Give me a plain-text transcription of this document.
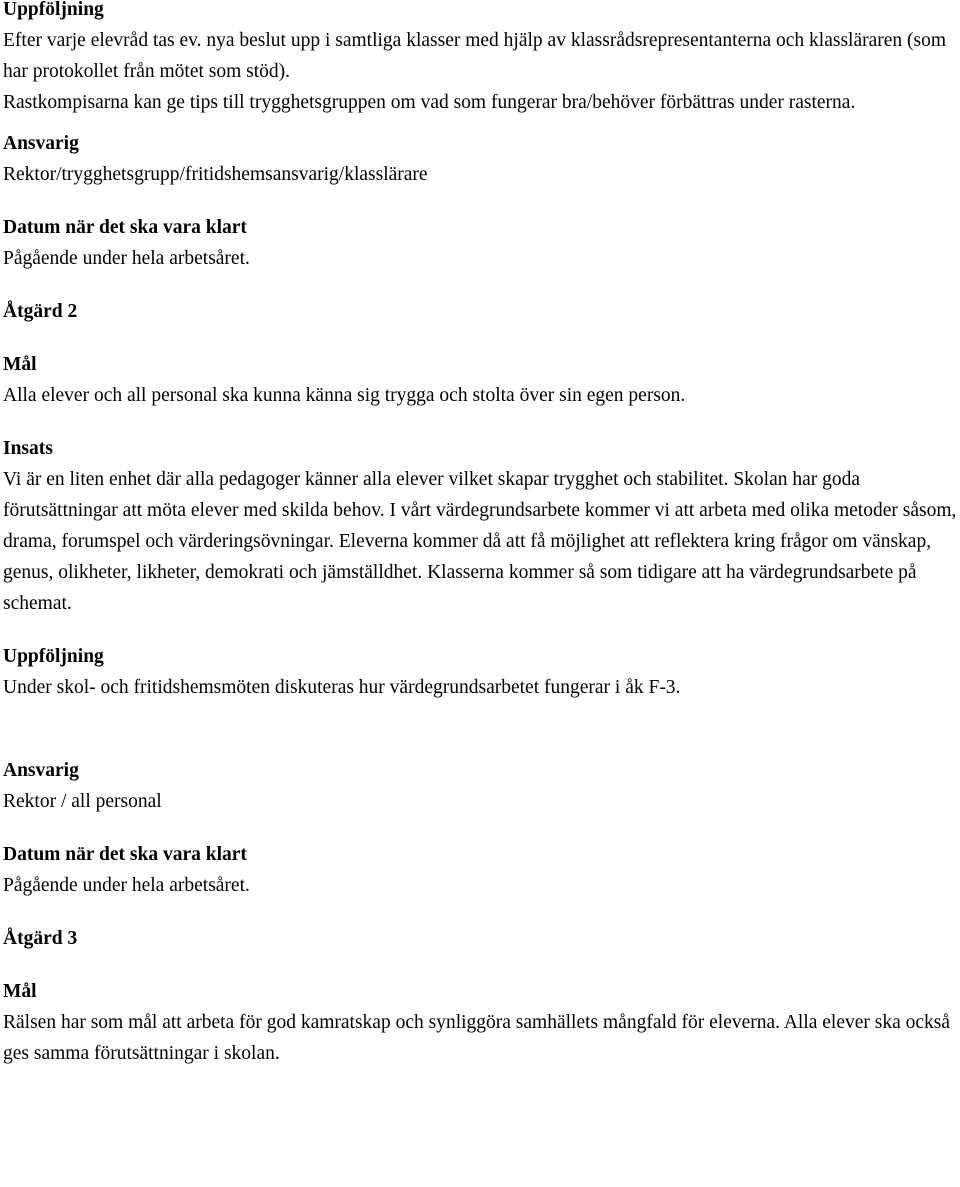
Uppföljning
Efter varje elevråd tas ev. nya beslut upp i samtliga klasser med hjälp av klassrådsrepresentanterna och klassläraren (som har protokollet från mötet som stöd).
Rastkompisarna kan ge tips till trygghetsgruppen om vad som fungerar bra/behöver förbättras under rasterna.
Ansvarig
Rektor/trygghetsgrupp/fritidshemsansvarig/klasslärare
Datum när det ska vara klart
Pågående under hela arbetsåret.
Åtgärd 2
Mål
Alla elever och all personal ska kunna känna sig trygga och stolta över sin egen person.
Insats
Vi är en liten enhet där alla pedagoger känner alla elever vilket skapar trygghet och stabilitet. Skolan har goda förutsättningar att möta elever med skilda behov. I vårt värdegrundsarbete kommer vi att arbeta med olika metoder såsom, drama, forumspel och värderingsövningar. Eleverna kommer då att få möjlighet att reflektera kring frågor om vänskap, genus, olikheter, likheter, demokrati och jämställdhet. Klasserna kommer så som tidigare att ha värdegrundsarbete på schemat.
Uppföljning
Under skol- och fritidshemsmöten diskuteras hur värdegrundsarbetet fungerar i åk F-3.
Ansvarig
Rektor / all personal
Datum när det ska vara klart
Pågående under hela arbetsåret.
Åtgärd 3
Mål
Rälsen har som mål att arbeta för god kamratskap och synliggöra samhällets mångfald för eleverna. Alla elever ska också ges samma förutsättningar i skolan.
